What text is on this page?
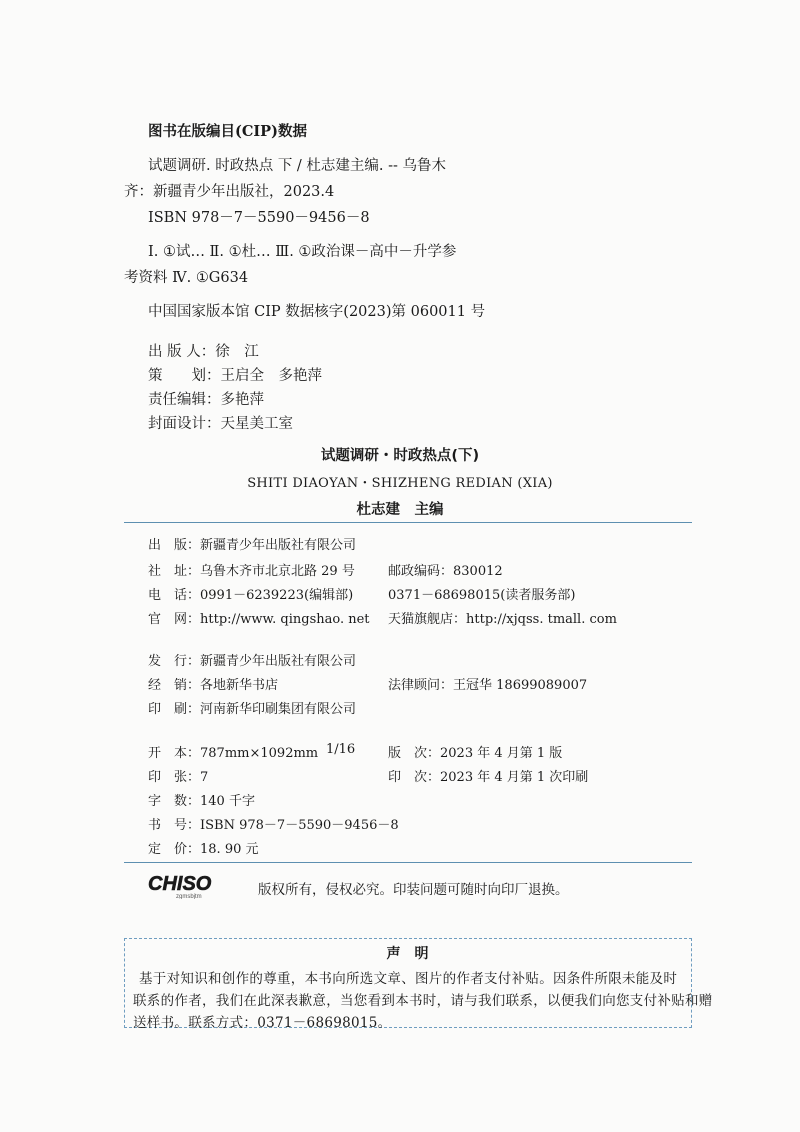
图书在版编目(CIP)数据
试题调研. 时政热点 下 / 杜志建主编. -- 乌鲁木
齐：新疆青少年出版社，2023.4
ISBN 978－7－5590－9456－8
Ⅰ. ①试… Ⅱ. ①杜… Ⅲ. ①政治课－高中－升学参
考资料 Ⅳ. ①G634
中国国家版本馆 CIP 数据核字(2023)第 060011 号
出 版 人：徐　江
策　　划：王启全　多艳萍
责任编辑：多艳萍
封面设计：天星美工室
试题调研・时政热点(下)
SHITI DIAOYAN・SHIZHENG REDIAN (XIA)
杜志建　主编
出　版：新疆青少年出版社有限公司
社　址：乌鲁木齐市北京北路 29 号	邮政编码：830012
电　话：0991－6239223(编辑部)	0371－68698015(读者服务部)
官　网：http://www. qingshao. net 天猫旗舰店：http://xjqss. tmall. com
发　行：新疆青少年出版社有限公司
经　销：各地新华书店	法律顾问：王冠华 18699089007
印　刷：河南新华印刷集团有限公司
开　本：787mm×1092mm 1/16	版　次：2023 年 4 月第 1 版
印　张：7	印　次：2023 年 4 月第 1 次印刷
字　数：140 千字
书　号：ISBN 978－7－5590－9456－8
定　价：18. 90 元
CHISO
zgmsbjtm	版权所有，侵权必究。印装问题可随时向印厂退换。
声　明
基于对知识和创作的尊重，本书向所选文章、图片的作者支付补贴。因条件所限未能及时
联系的作者，我们在此深表歉意，当您看到本书时，请与我们联系，以便我们向您支付补贴和赠
送样书。联系方式：0371－68698015。
